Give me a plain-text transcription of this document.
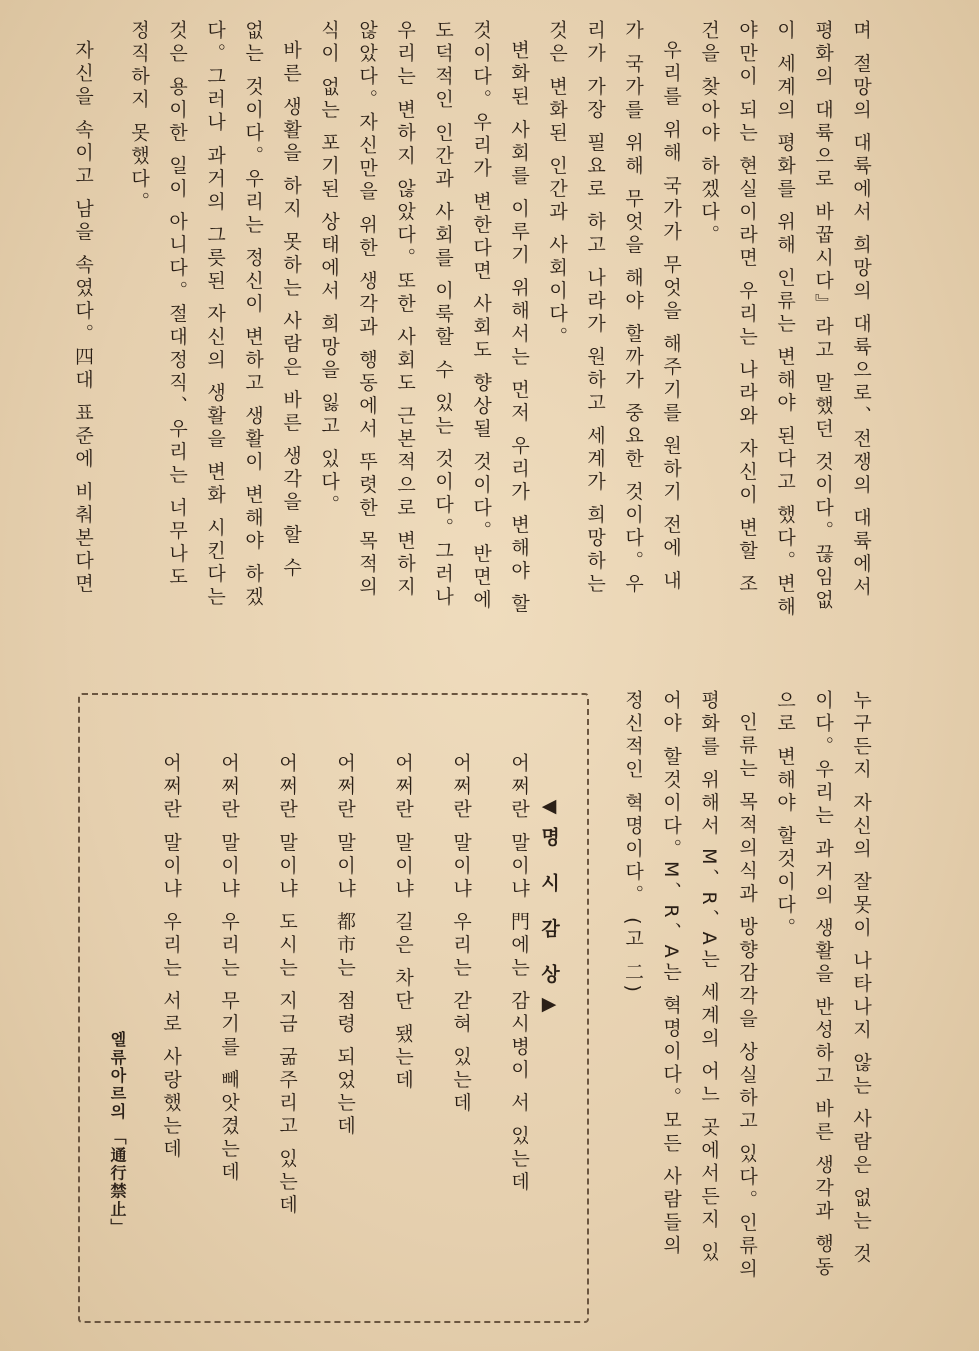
며 절망의 대륙에서 희망의 대륙으로、전쟁의 대륙에서
평화의 대륙으로 바꿉시다』라고 말했던 것이다。끊임없
이 세계의 평화를 위해 인류는 변해야 된다고 했다。변해
야만이 되는 현실이라면 우리는 나라와 자신이 변할 조
건을 찾아야 하겠다。
우리를 위해 국가가 무엇을 해주기를 원하기 전에 내
가 국가를 위해 무엇을 해야 할까가 중요한 것이다。우
리가 가장 필요로 하고 나라가 원하고 세계가 희망하는
것은 변화된 인간과 사회이다。
변화된 사회를 이루기 위해서는 먼저 우리가 변해야 할
것이다。우리가 변한다면 사회도 향상될 것이다。반면에
도덕적인 인간과 사회를 이룩할 수 있는 것이다。그러나
우리는 변하지 않았다。또한 사회도 근본적으로 변하지
않았다。자신만을 위한 생각과 행동에서 뚜렷한 목적의
식이 없는 포기된 상태에서 희망을 잃고 있다。
바른 생활을 하지 못하는 사람은 바른 생각을 할 수
없는 것이다。우리는 정신이 변하고 생활이 변해야 하겠
다。그러나 과거의 그릇된 자신의 생활을 변화 시킨다는
것은 용이한 일이 아니다。절대정직、우리는 너무나도
정직하지 못했다。
자신을 속이고 남을 속였다。四대 표준에 비춰본다면
누구든지 자신의 잘못이 나타나지 않는 사람은 없는 것
이다。우리는 과거의 생활을 반성하고 바른 생각과 행동
으로 변해야 할것이다。
인류는 목적의식과 방향감각을 상실하고 있다。인류의
평화를 위해서 M、R、A는 세계의 어느 곳에서든지 있
어야 할것이다。M、R、A는 혁명이다。모든 사람들의
정신적인 혁명이다。 (고 二)
◀명 시 감 상▶
어쩌란 말이냐 門에는 감시병이 서 있는데
어쩌란 말이냐 우리는 갇혀 있는데
어쩌란 말이냐 길은 차단 됐는데
어쩌란 말이냐 都市는 점령 되었는데
어쩌란 말이냐 도시는 지금 굶주리고 있는데
어쩌란 말이냐 우리는 무기를 빼앗겼는데
어쩌란 말이냐 우리는 서로 사랑했는데
엘류아르의 「通行禁止」
